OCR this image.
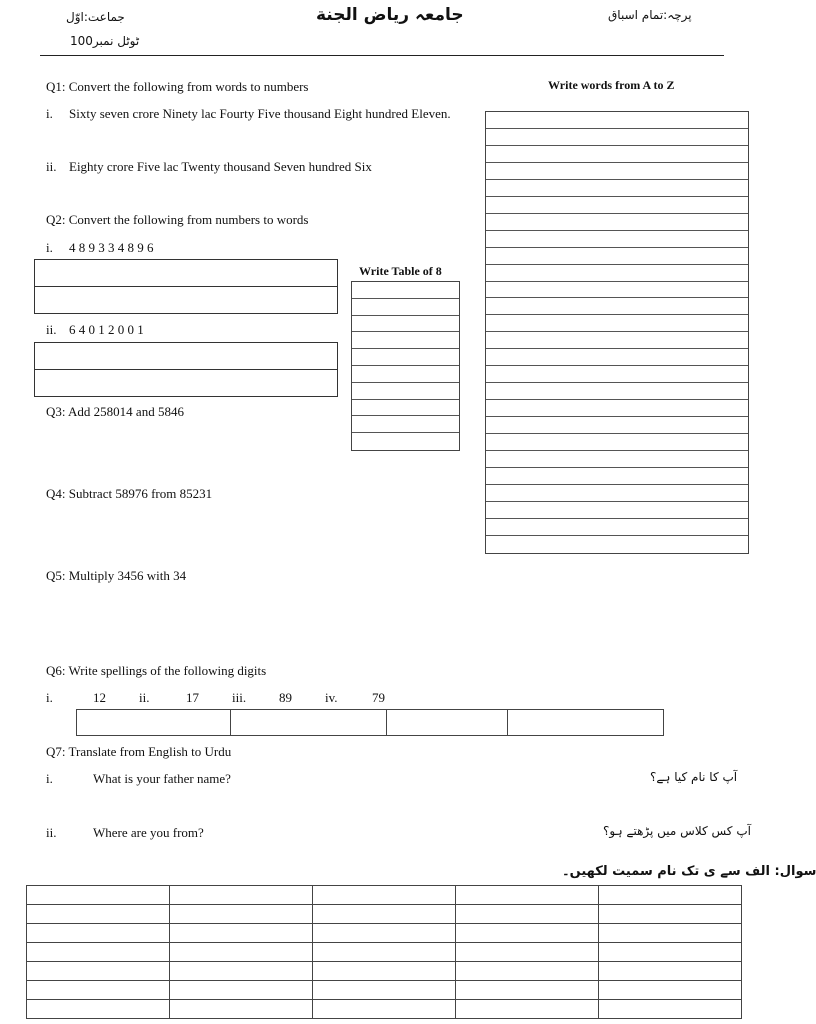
پرچہ:تمام اسباق
جامعہ رياض الجنة
جماعت:اوّل
ٹوٹل نمبر100
Q1: Convert the following from words to numbers
i. Sixty seven crore Ninety lac Fourty Five thousand Eight hundred Eleven.
ii. Eighty crore Five lac Twenty thousand Seven hundred Six
Q2: Convert the following from numbers to words
i. 4 8 9 3 3 4 8 9 6
ii. 6 4 0 1 2 0 0 1
Q3: Add 258014 and 5846
Q4: Subtract 58976 from 85231
Q5: Multiply 3456 with 34
Q6: Write spellings of the following digits
i.	12	ii.	17	iii.	89	iv.	79

Q7: Translate from English to Urdu
i.	What is your father name?	آپ کا نام کیا ہے؟
ii.	Where are you from?	آپ کس کلاس میں پڑھتے ہو؟
Write words from A to Z
Write Table of 8
سوال: الف سے ی تک نام سمیت لکھیں۔
